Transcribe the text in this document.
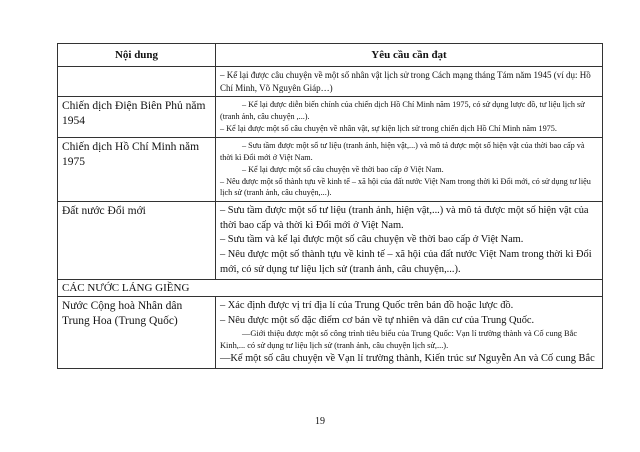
Nội dung	Yêu cầu cần đạt

	– Kể lại được câu chuyện về một số nhân vật lịch sử trong Cách mạng tháng Tám năm 1945 (ví dụ: Hồ Chí Minh, Võ Nguyên Giáp…)

Chiến dịch Điện Biên Phủ năm 1954	– Kể lại được diễn biến chính của chiến dịch Hồ Chí Minh năm 1975, có sử dụng lược đồ, tư liệu lịch sử (tranh ảnh, câu chuyện ,...).

– Kể lại được một số câu chuyện về nhân vật, sự kiện lịch sử trong chiến dịch Hồ Chí Minh năm 1975.

Chiến dịch Hồ Chí Minh năm 1975	– Sưu tầm được một số tư liệu (tranh ảnh, hiện vật,...) và mô tả được một số hiện vật của thời bao cấp và thời kì Đổi mới ở Việt Nam.

– Kể lại được một số câu chuyện về thời bao cấp ở Việt Nam.

– Nêu được một số thành tựu về kinh tế – xã hội của đất nước Việt Nam trong thời kì Đổi mới, có sử dụng tư liệu lịch sử (tranh ảnh, câu chuyện,...).

Đất nước Đổi mới	– Sưu tầm được một số tư liệu (tranh ảnh, hiện vật,...) và mô tả được một số hiện vật của thời bao cấp và thời kì Đổi mới ở Việt Nam.

– Sưu tầm và kể lại được một số câu chuyện về thời bao cấp ở Việt Nam.

– Nêu được một số thành tựu về kinh tế – xã hội của đất nước Việt Nam trong thời kì Đổi mới, có sử dụng tư liệu lịch sử (tranh ảnh, câu chuyện,...).

CÁC NƯỚC LÁNG GIỀNG	
Nước Cộng hoà Nhân dân Trung Hoa (Trung Quốc)	– Xác định được vị trí địa lí của Trung Quốc trên bản đồ hoặc lược đồ.

– Nêu được một số đặc điểm cơ bản về tự nhiên và dân cư của Trung Quốc.

—Giới thiệu được một số công trình tiêu biểu của Trung Quốc: Vạn lí trường thành và Cố cung Bắc Kinh,... có sử dụng tư liệu lịch sử (tranh ảnh, câu chuyện lịch sử,...).

—Kể một số câu chuyện về Vạn lí trường thành, Kiến trúc sư Nguyễn An và Cố cung Bắc

19
